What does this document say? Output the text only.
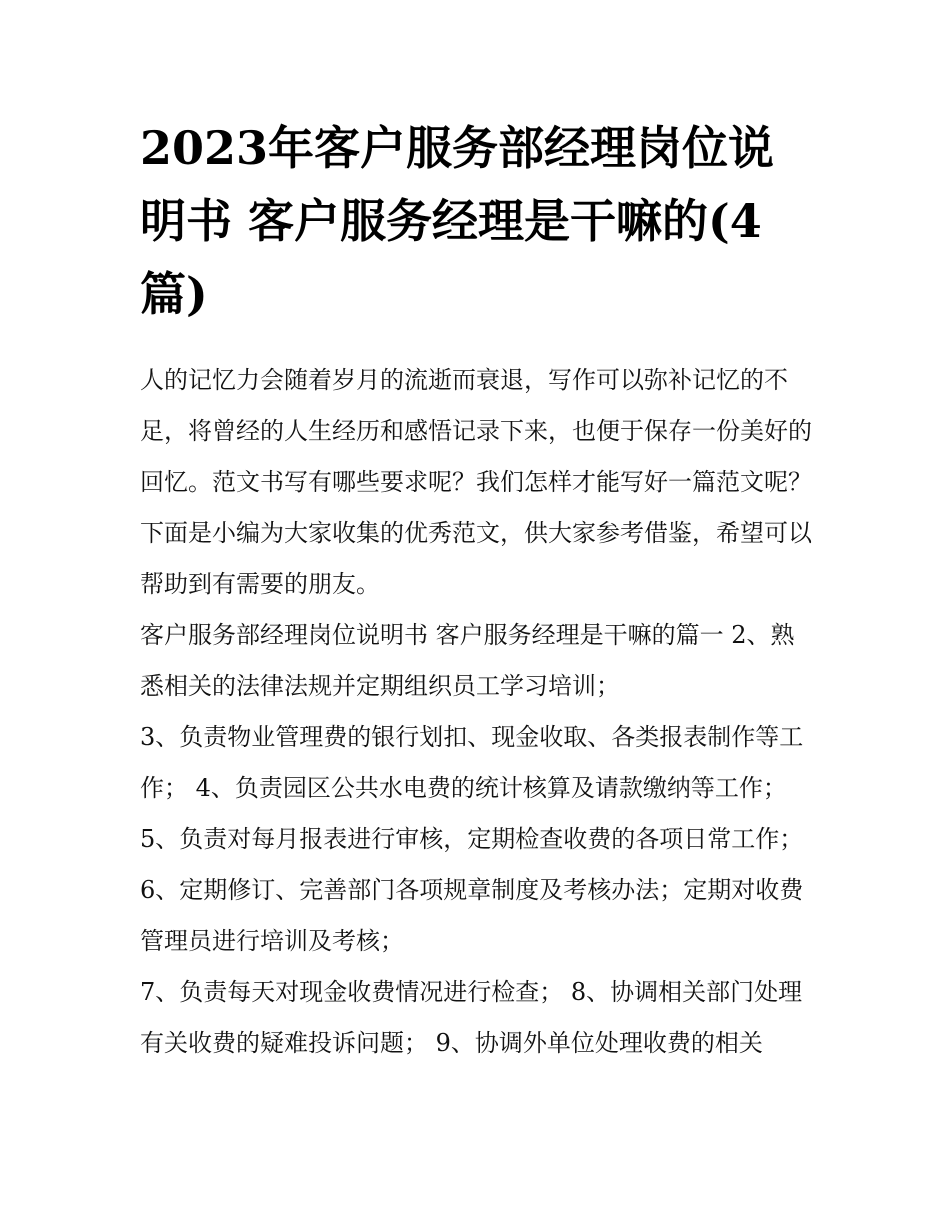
2023年客户服务部经理岗位说明书 客户服务经理是干嘛的(4篇)

人的记忆力会随着岁月的流逝而衰退，写作可以弥补记忆的不足，将曾经的人生经历和感悟记录下来，也便于保存一份美好的回忆。范文书写有哪些要求呢？我们怎样才能写好一篇范文呢？下面是小编为大家收集的优秀范文，供大家参考借鉴，希望可以帮助到有需要的朋友。

客户服务部经理岗位说明书 客户服务经理是干嘛的篇一 2、熟悉相关的法律法规并定期组织员工学习培训；

3、负责物业管理费的银行划扣、现金收取、各类报表制作等工作； 4、负责园区公共水电费的统计核算及请款缴纳等工作；

5、负责对每月报表进行审核，定期检查收费的各项日常工作； 6、定期修订、完善部门各项规章制度及考核办法；定期对收费管理员进行培训及考核；

7、负责每天对现金收费情况进行检查； 8、协调相关部门处理有关收费的疑难投诉问题； 9、协调外单位处理收费的相关
